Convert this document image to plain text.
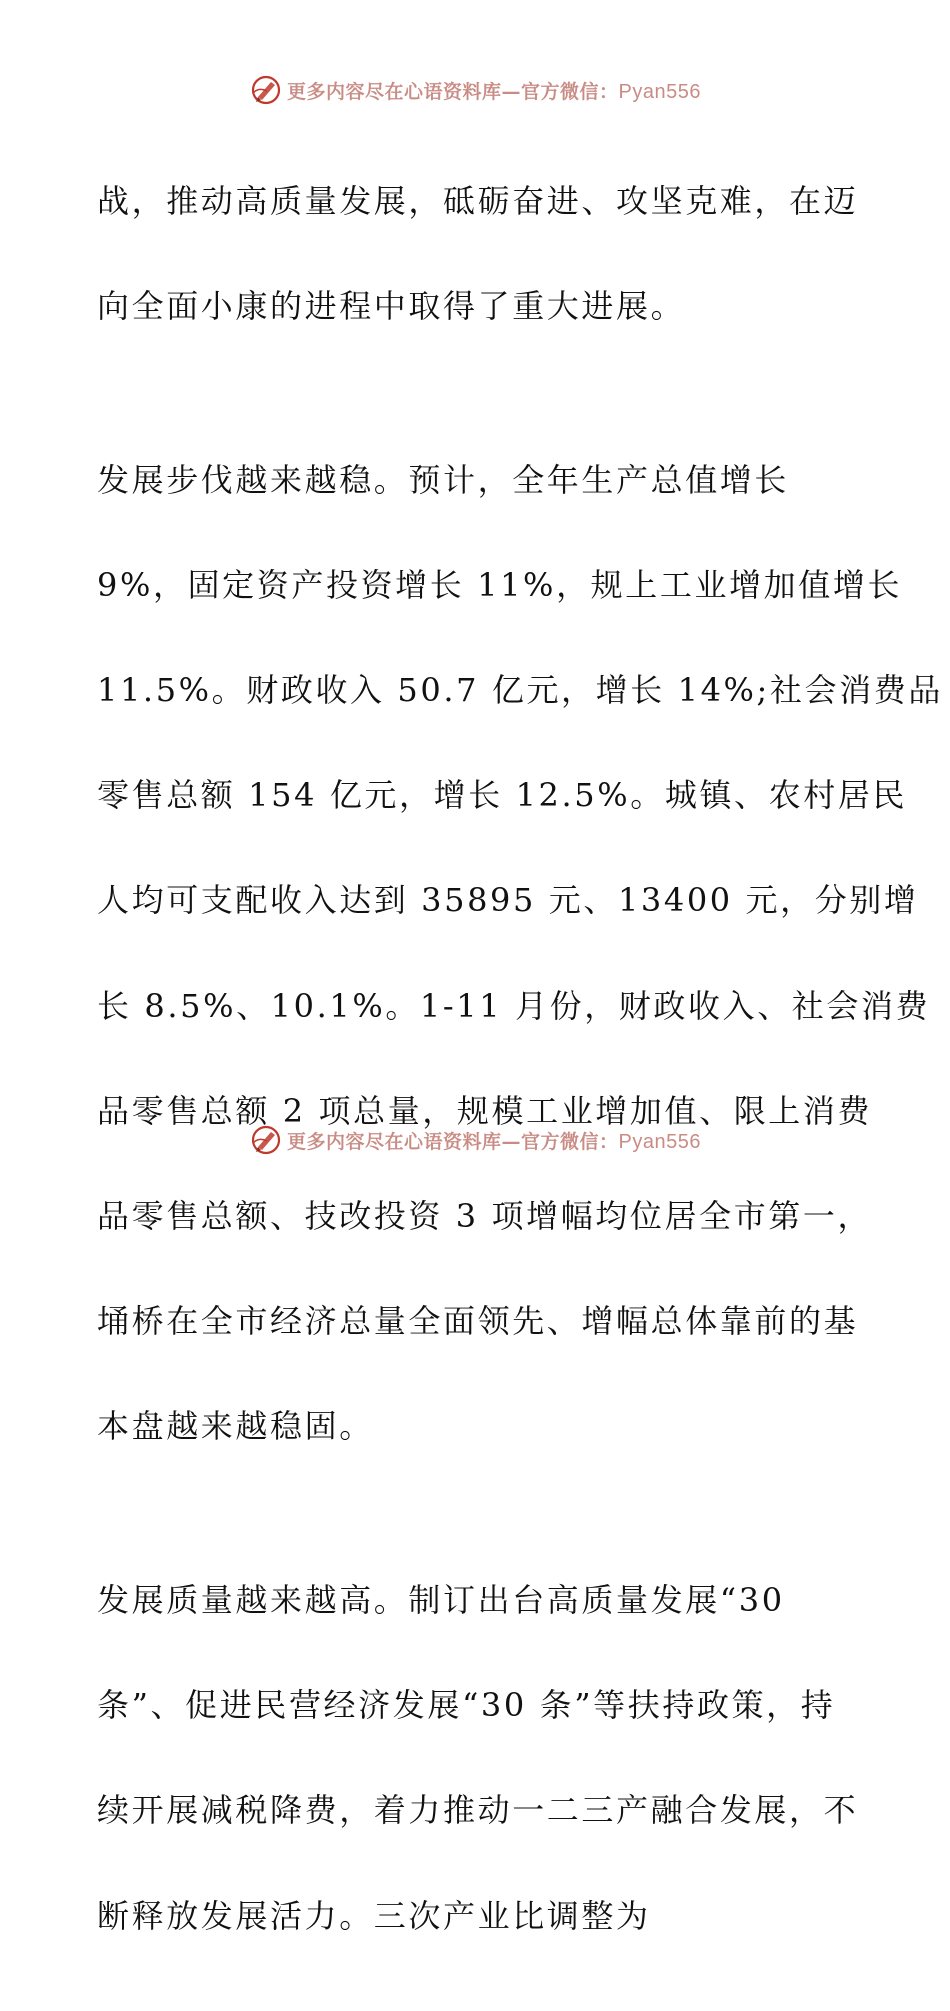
更多内容尽在心语资料库—官方微信：Pyan556

战，推动高质量发展，砥砺奋进、攻坚克难，在迈

向全面小康的进程中取得了重大进展。

发展步伐越来越稳。预计，全年生产总值增长

9%，固定资产投资增长 11%，规上工业增加值增长

11.5%。财政收入 50.7 亿元，增长 14%;社会消费品

零售总额 154 亿元，增长 12.5%。城镇、农村居民

人均可支配收入达到 35895 元、13400 元，分别增

长 8.5%、10.1%。1-11 月份，财政收入、社会消费

品零售总额 2 项总量，规模工业增加值、限上消费

品零售总额、技改投资 3 项增幅均位居全市第一，

埇桥在全市经济总量全面领先、增幅总体靠前的基

本盘越来越稳固。

发展质量越来越高。制订出台高质量发展“30

条”、促进民营经济发展“30 条”等扶持政策，持

续开展减税降费，着力推动一二三产融合发展，不

断释放发展活力。三次产业比调整为

更多内容尽在心语资料库—官方微信：Pyan556
